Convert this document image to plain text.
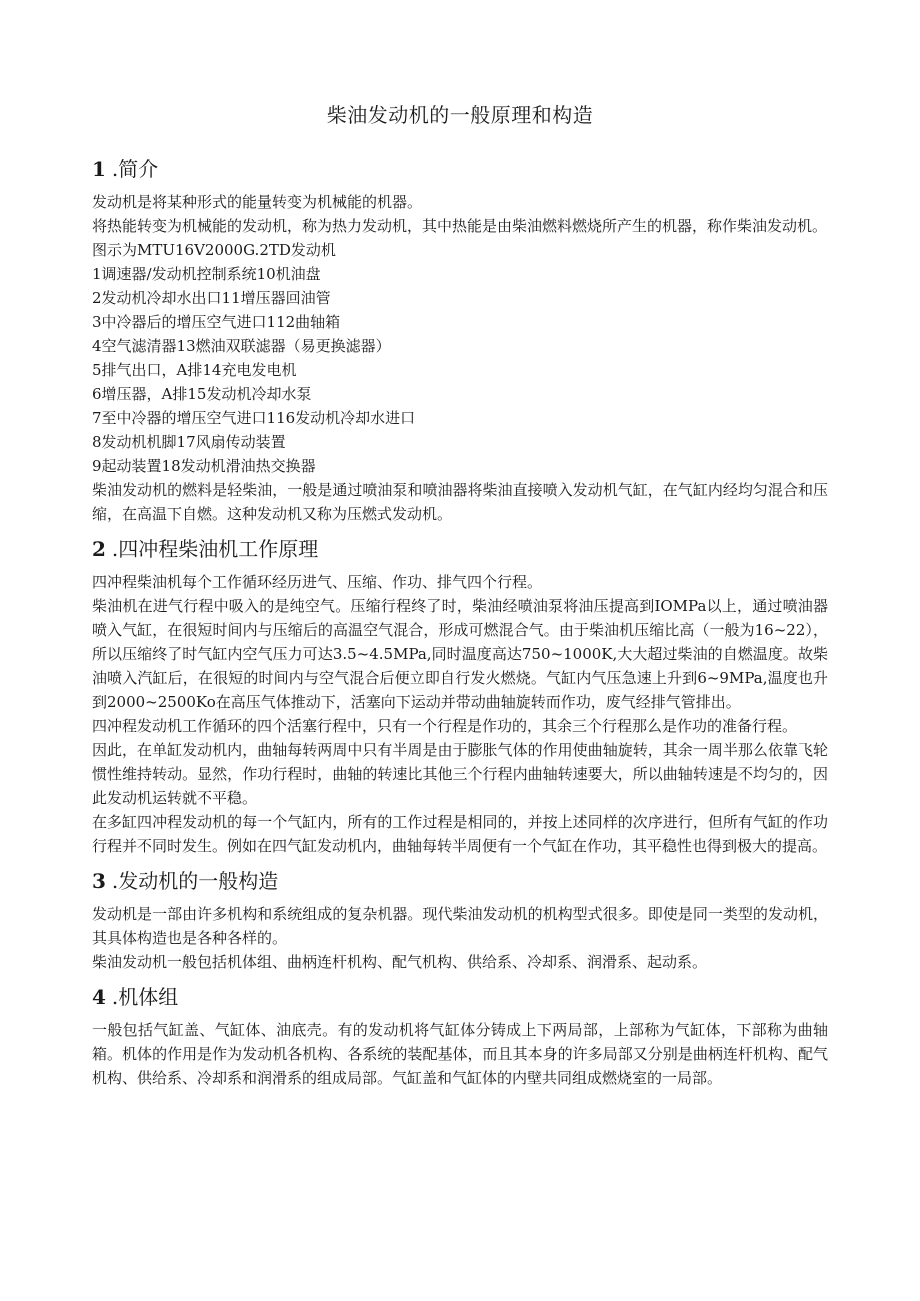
柴油发动机的一般原理和构造
1 .简介

发动机是将某种形式的能量转变为机械能的机器。

将热能转变为机械能的发动机，称为热力发动机，其中热能是由柴油燃料燃烧所产生的机器，称作柴油发动机。

图示为MTU16V2000G.2TD发动机

1调速器/发动机控制系统10机油盘

2发动机冷却水出口11增压器回油管

3中冷器后的增压空气进口112曲轴箱

4空气滤清器13燃油双联滤器（易更换滤器）

5排气出口，A排14充电发电机

6增压器，A排15发动机冷却水泵

7至中冷器的增压空气进口116发动机冷却水进口

8发动机机脚17风扇传动装置

9起动装置18发动机滑油热交换器

柴油发动机的燃料是轻柴油，一般是通过喷油泵和喷油器将柴油直接喷入发动机气缸，在气缸内经均匀混合和压缩，在高温下自燃。这种发动机又称为压燃式发动机。

2 .四冲程柴油机工作原理

四冲程柴油机每个工作循环经历进气、压缩、作功、排气四个行程。

柴油机在进气行程中吸入的是纯空气。压缩行程终了时，柴油经喷油泵将油压提高到IOMPa以上，通过喷油器喷入气缸，在很短时间内与压缩后的高温空气混合，形成可燃混合气。由于柴油机压缩比高（一般为16~22），所以压缩终了时气缸内空气压力可达3.5~4.5MPa,同时温度高达750~1000K,大大超过柴油的自燃温度。故柴油喷入汽缸后，在很短的时间内与空气混合后便立即自行发火燃烧。气缸内气压急速上升到6~9MPa,温度也升到2000~2500Ko在高压气体推动下，活塞向下运动并带动曲轴旋转而作功，废气经排气管排出。

四冲程发动机工作循环的四个活塞行程中，只有一个行程是作功的，其余三个行程那么是作功的准备行程。

因此，在单缸发动机内，曲轴每转两周中只有半周是由于膨胀气体的作用使曲轴旋转，其余一周半那么依靠飞轮惯性维持转动。显然，作功行程时，曲轴的转速比其他三个行程内曲轴转速要大，所以曲轴转速是不均匀的，因此发动机运转就不平稳。

在多缸四冲程发动机的每一个气缸内，所有的工作过程是相同的，并按上述同样的次序进行，但所有气缸的作功行程并不同时发生。例如在四气缸发动机内，曲轴每转半周便有一个气缸在作功，其平稳性也得到极大的提高。

3 .发动机的一般构造

发动机是一部由许多机构和系统组成的复杂机器。现代柴油发动机的机构型式很多。即使是同一类型的发动机，其具体构造也是各种各样的。

柴油发动机一般包括机体组、曲柄连杆机构、配气机构、供给系、冷却系、润滑系、起动系。

4 .机体组

一般包括气缸盖、气缸体、油底壳。有的发动机将气缸体分铸成上下两局部，上部称为气缸体，下部称为曲轴箱。机体的作用是作为发动机各机构、各系统的装配基体，而且其本身的许多局部又分别是曲柄连杆机构、配气机构、供给系、冷却系和润滑系的组成局部。气缸盖和气缸体的内壁共同组成燃烧室的一局部。
